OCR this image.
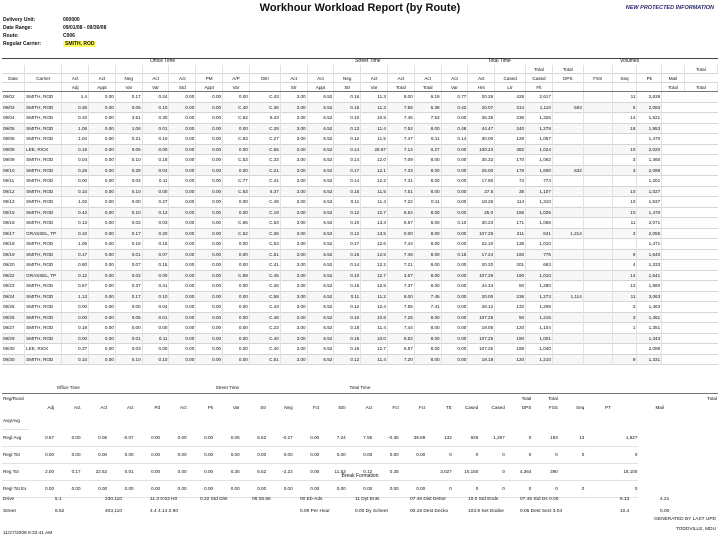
Workhour Workload Report (by Route)	NEW PROTECTED INFORMATION
Delivery Unit:	000000
Date Range:	09/01/08 - 09/30/08
Route:	C006
Regular Carrier:	SMITH, ROD
Office Time	Street Time	Total Time	Volumes
																			Total	Total					Total
Date	Carrier	Act	Act	Neg	Act	Act	PM	A/P	OEI	Act	Act	Neg	Act	Act	Act	Act	Act	Cased	Cased	DPS	FSS	Seq	Pk	Mail	
		Adj	Appt	Var	Var	Std	Appt	Var		Str	Appt	Str	Var	Total	Total	Var	Hrs	Ltr	Flt					Total	Total
09/02	SMITH, ROD	1.4	0.00	0.17	0.24	0.00	0.00	0.00	C.43	3.00	6.52	0.16	11.3	8.00	6.19	0.77	20.26	428	2,617			11	2,639		
09/03	SMITH, ROD	0.36	0.00	0.06	0.10	0.00	0.00	C.40	C.36	3.00	6.52	0.15	11.3	7.56	6.38	0.42	20.07	314	1,110	653		5	2,083		
09/04	SMITH, ROD	0.10	0.00	3.51	0.30	0.00	0.00	C.52	6.43	3.00	6.52	0.10	10.5	7.45	7.53	0.00	36.35	236	1,326			14	1,521		
09/05	SMITH, ROD	1.06	0.00	1.06	0.01	0.00	0.00	0.00	C.28	3.00	6.52	0.13	11.4	7.52	8.00	0.48	44.47	240	1,278			18	1,953		
09/06	SMITH, ROD	1.04	0.00	0.21	0.10	0.00	0.00	C.63	C.27	3.00	6.52	0.12	11.5	7.47	8.11	0.14	30.00	128	1,057				1,470		
09/08	LEE, RICK	0.19	0.00	0.06	0.00	0.00	0.00	0.00	C.55	3.00	6.52	0.14	28.57	7.14	0.27	0.00	100.23	382	1,024			10	2,020		
09/09	SMITH, ROD	0.04	0.00	0.10	0.18	0.00	0.00	C.53	C.33	3.00	6.52	0.14	12.0	7.09	8.00	0.00	30.32	170	1,062			3	1,460		
09/10	SMITH, ROD	0.26	0.00	0.28	0.04	0.00	0.00	0.00	C.21	3.00	6.52	0.17	12.1	7.33	8.00	0.00	25.00	178	1,600	632		3	2,098		
09/11	SMITH, ROD	0.00	0.00	0.04	0.11	0.00	0.00	C.77	C.41	3.00	6.52	0.14	12.2	7.41	8.00	0.00	17.80	74	774				1,201		
09/12	SMITH, ROD	0.10	0.00	0.10	0.00	0.00	0.00	C.63	6.37	3.00	6.52	0.15	11.5	7.51	8.00	0.00	27.6	35	1,107			10	1,027		
09/13	SMITH, ROD	1.02	0.00	0.00	0.27	0.00	0.00	0.00	C.48	3.00	6.52	0.11	11.4	7.22	0.11	0.00	18.26	114	1,310			10	1,537		
09/15	SMITH, ROD	0.43	0.00	0.10	0.13	0.00	0.00	0.00	C.19	3.00	6.52	0.12	12.7	6.54	8.00	0.00	25.0	166	1,026			10	1,470		
09/16	SMITH, ROD	0.13	0.00	0.02	0.03	0.00	0.00	C.65	C.53	3.00	6.52	0.10	13.3	6.57	8.00	0.10	30.23	171	1,068			11	2,071		
09/17	GRASSEL, TP	0.10	0.00	0.17	0.20	0.00	0.00	C.52	C.36	3.00	6.52	0.12	13.5	0.00	8.00	0.00	107.29	211	641	1,214		3	2,055		
09/18	SMITH, ROD	1.05	0.00	0.15	0.15	0.00	0.00	0.00	C.53	3.00	6.52	0.17	12.6	7.44	8.00	0.00	22.10	138	1,010				1,471		
09/19	SMITH, ROD	0.17	0.00	0.01	0.07	0.00	0.00	0.00	C.51	3.00	6.52	0.16	12.5	7.46	8.00	0.15	17.24	160	775			9	1,640		
09/20	SMITH, ROD	0.80	0.00	0.07	0.15	0.00	0.00	0.00	C.41	3.00	6.52	0.14	12.2	7.21	8.00	0.00	20.20	201	663			4	1,333		
09/22	GRASSEL, TP	0.12	0.00	0.02	0.00	0.00	0.00	C.59	C.45	3.00	6.52	0.10	12.7	3.57	8.00	0.00	107.29	190	1,010			14	1,541		
09/23	SMITH, ROD	0.57	0.00	0.37	0.41	0.00	0.00	0.00	C.26	3.00	6.52	0.15	12.5	7.37	8.00	0.00	44.34	50	1,280			13	1,860		
09/24	SMITH, ROD	1.13	0.00	0.17	0.10	0.00	0.00	0.00	C.58	3.00	6.52	0.11	11.2	8.00	7.45	0.00	20.00	236	1,273	1,114		11	3,063		
09/25	SMITH, ROD	0.00	0.00	0.00	0.04	0.00	0.00	0.00	C.43	3.00	6.52	0.12	12.4	7.55	7.41	0.00	28.12	132	1,205			3	1,463		
09/26	SMITH, ROD	0.00	0.00	0.05	0.01	0.00	0.00	0.00	C.48	3.00	6.52	0.10	10.6	7.25	8.00	0.00	107.25	50	1,216			3	1,361		
09/27	SMITH, ROD	0.19	0.00	0.00	0.00	0.00	0.00	0.00	C.23	3.00	6.52	0.18	11.4	7.44	8.00	0.00	19.05	120	1,104			1	1,351		
09/29	SMITH, ROD	0.00	0.00	0.01	0.11	0.00	0.00	0.00	C.40	3.00	6.52	0.15	10.0	6.52	8.00	0.00	107.25	190	1,001				1,343		
09/30	LEE, RICK	0.37	0.00	0.03	0.00	0.00	0.00	0.00	C.40	3.00	6.52	0.16	12.7	6.57	8.00	0.00	107.25	188	1,040				2,098		
09/30	SMITH, ROD	0.10	0.00	0.10	0.10	0.00	0.00	0.00	C.51	3.00	6.52	0.12	11.4	7.20	8.00	0.00	19.18	120	1,210			9	1,331		
	Office Time						Street Time					Total Time														
Reg/Rural																			Total	Total						Total
	Adj	Act	Act	Act	Pd	Act	Pk	Var	Str	Neg	Fct	SEI	Act	Fct	Fct	TE	Cased	Cased	DPS	FSS	Seq	PT		Mail		
Avg/Avg																										
Regl Avg	0.67	0.00	0.06	-0.07	0.00	0.00	0.00	0.05	6.52	-0.27	0.00	7.24	7.55	-0.35	39.89	132	926	1,267	0	183	13		1,927			
Regl Tot	0.00	0.00	0.00	0.00	0.00	0.00	0.00	0.00	0.00	0.00	0.00	0.00	0.00	0.00	0.00	0	0	0	0	0	0		0			
Reg Tot	2.00	0.17	22.52	0.01	0.00	0.00	0.00	0.35	6.52	-2.22	0.00	11.53	0.12	0.35		3,027	10,150	0	4,364	390			18,100			
Regl Tot Ex	0.00	0.00	0.00	0.00	0.00	0.00	0.00	0.00	0.00	0.00	0.00	0.00	0.00	0.00	0.00	0	0	0	0	0	0		0			
Break Formation
Drive	5.1	230,110	11.3 0:63 H0	0.22 Std Dist	06 05.56	00 Eb-Ads	11 Dyt Ents	07.46 Dist Dettor	10.0 Std Ends	07.46 Std Ds 0.00	8.13	4.21
Street	6.52	403,110	4.4 4.14 2.90	0.00 Per Hour	0.00 Dy Scheet	00.18 Dest Decko	103.9 Set Dodse	0.06 Dest Sect 3.04	10.4	0.00
11/27/2008 8:33:41 AM
GENERATED BY LAST UPD
TODDVILLE, MDU
